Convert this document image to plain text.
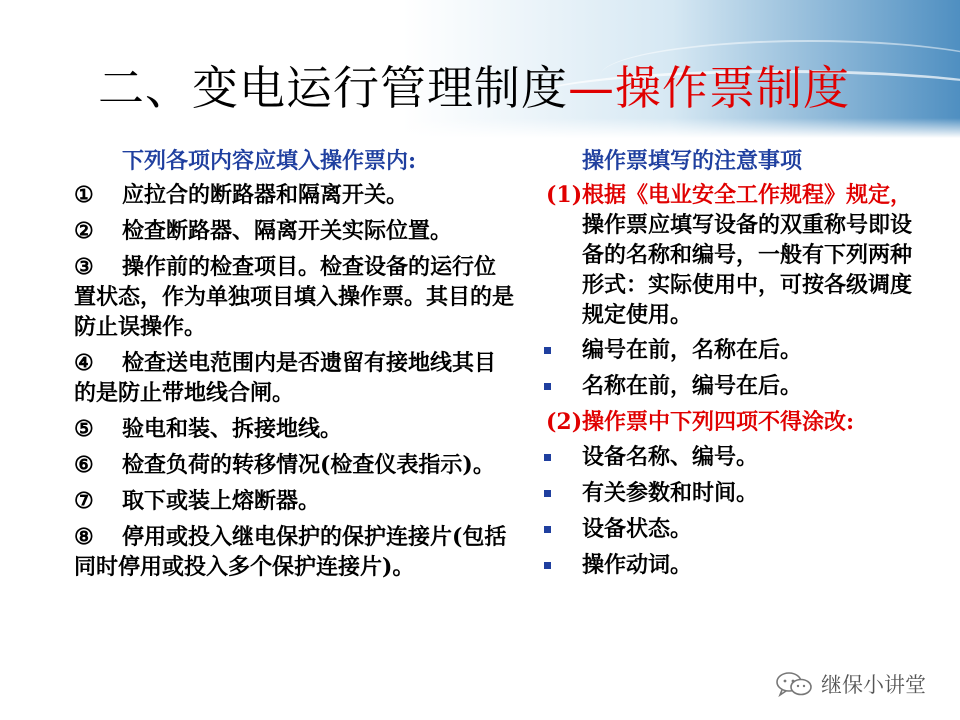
二、变电运行管理制度—操作票制度
下列各项内容应填入操作票内:
① 应拉合的断路器和隔离开关。
② 检查断路器、隔离开关实际位置。
③ 操作前的检查项目。检查设备的运行位置状态，作为单独项目填入操作票。其目的是防止误操作。
④ 检查送电范围内是否遗留有接地线其目的是防止带地线合闸。
⑤ 验电和装、拆接地线。
⑥ 检查负荷的转移情况(检查仪表指示)。
⑦ 取下或装上熔断器。
⑧ 停用或投入继电保护的保护连接片(包括同时停用或投入多个保护连接片)。
操作票填写的注意事项
(1) 根据《电业安全工作规程》规定，操作票应填写设备的双重称号即设备的名称和编号，一般有下列两种形式：实际使用中，可按各级调度规定使用。
编号在前，名称在后。
名称在前，编号在后。
(2) 操作票中下列四项不得涂改:
设备名称、编号。
有关参数和时间。
设备状态。
操作动词。
继保小讲堂
